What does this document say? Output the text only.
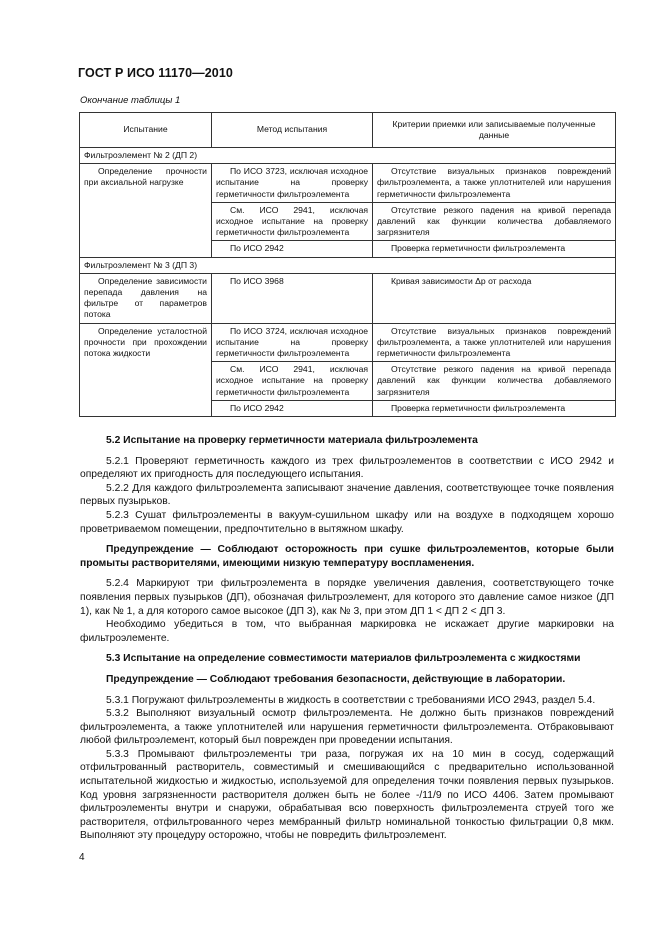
ГОСТ Р ИСО 11170—2010
Окончание таблицы 1
Испытание	Метод испытания	Критерии приемки или записываемые полученные данные
Фильтроэлемент № 2 (ДП 2)		
Определение прочности при аксиальной нагрузке	По ИСО 3723, исключая исходное испытание на проверку герметичности фильтроэлемента	Отсутствие визуальных признаков повреждений фильтроэлемента, а также уплотнителей или нарушения герметичности фильтроэлемента
	См. ИСО 2941, исключая исходное испытание на проверку герметичности фильтроэлемента	Отсутствие резкого падения на кривой перепада давлений как функции количества добавляемого загрязнителя
	По ИСО 2942	Проверка герметичности фильтроэлемента
Фильтроэлемент № 3 (ДП 3)		
Определение зависимости перепада давления на фильтре от параметров потока	По ИСО 3968	Кривая зависимости Δp от расхода
Определение усталостной прочности при прохождении потока жидкости	По ИСО 3724, исключая исходное испытание на проверку герметичности фильтроэлемента	Отсутствие визуальных признаков повреждений фильтроэлемента, а также уплотнителей или нарушения герметичности фильтроэлемента
	См. ИСО 2941, исключая исходное испытание на проверку герметичности фильтроэлемента	Отсутствие резкого падения на кривой перепада давлений как функции количества добавляемого загрязнителя
	По ИСО 2942	Проверка герметичности фильтроэлемента

5.2 Испытание на проверку герметичности материала фильтроэлемента

5.2.1 Проверяют герметичность каждого из трех фильтроэлементов в соответствии с ИСО 2942 и определяют их пригодность для последующего испытания.

5.2.2 Для каждого фильтроэлемента записывают значение давления, соответствующее точке появления первых пузырьков.

5.2.3 Сушат фильтроэлементы в вакуум-сушильном шкафу или на воздухе в подходящем хорошо проветриваемом помещении, предпочтительно в вытяжном шкафу.

Предупреждение — Соблюдают осторожность при сушке фильтроэлементов, которые были промыты растворителями, имеющими низкую температуру воспламенения.

5.2.4 Маркируют три фильтроэлемента в порядке увеличения давления, соответствующего точке появления первых пузырьков (ДП), обозначая фильтроэлемент, для которого это давление самое низкое (ДП 1), как № 1, а для которого самое высокое (ДП 3), как № 3, при этом ДП 1 < ДП 2 < ДП 3.

Необходимо убедиться в том, что выбранная маркировка не искажает другие маркировки на фильтроэлементе.

5.3 Испытание на определение совместимости материалов фильтроэлемента с жидкостями

Предупреждение — Соблюдают требования безопасности, действующие в лаборатории.

5.3.1 Погружают фильтроэлементы в жидкость в соответствии с требованиями ИСО 2943, раздел 5.4.

5.3.2 Выполняют визуальный осмотр фильтроэлемента. Не должно быть признаков повреждений фильтроэлемента, а также уплотнителей или нарушения герметичности фильтроэлемента. Отбраковывают любой фильтроэлемент, который был поврежден при проведении испытания.

5.3.3 Промывают фильтроэлементы три раза, погружая их на 10 мин в сосуд, содержащий отфильтрованный растворитель, совместимый и смешивающийся с предварительно использованной испытательной жидкостью и жидкостью, используемой для определения точки появления первых пузырьков. Код уровня загрязненности растворителя должен быть не более -/11/9 по ИСО 4406. Затем промывают фильтроэлементы внутри и снаружи, обрабатывая всю поверхность фильтроэлемента струей того же растворителя, отфильтрованного через мембранный фильтр номинальной тонкостью фильтрации 0,8 мкм. Выполняют эту процедуру осторожно, чтобы не повредить фильтроэлемент.

4
